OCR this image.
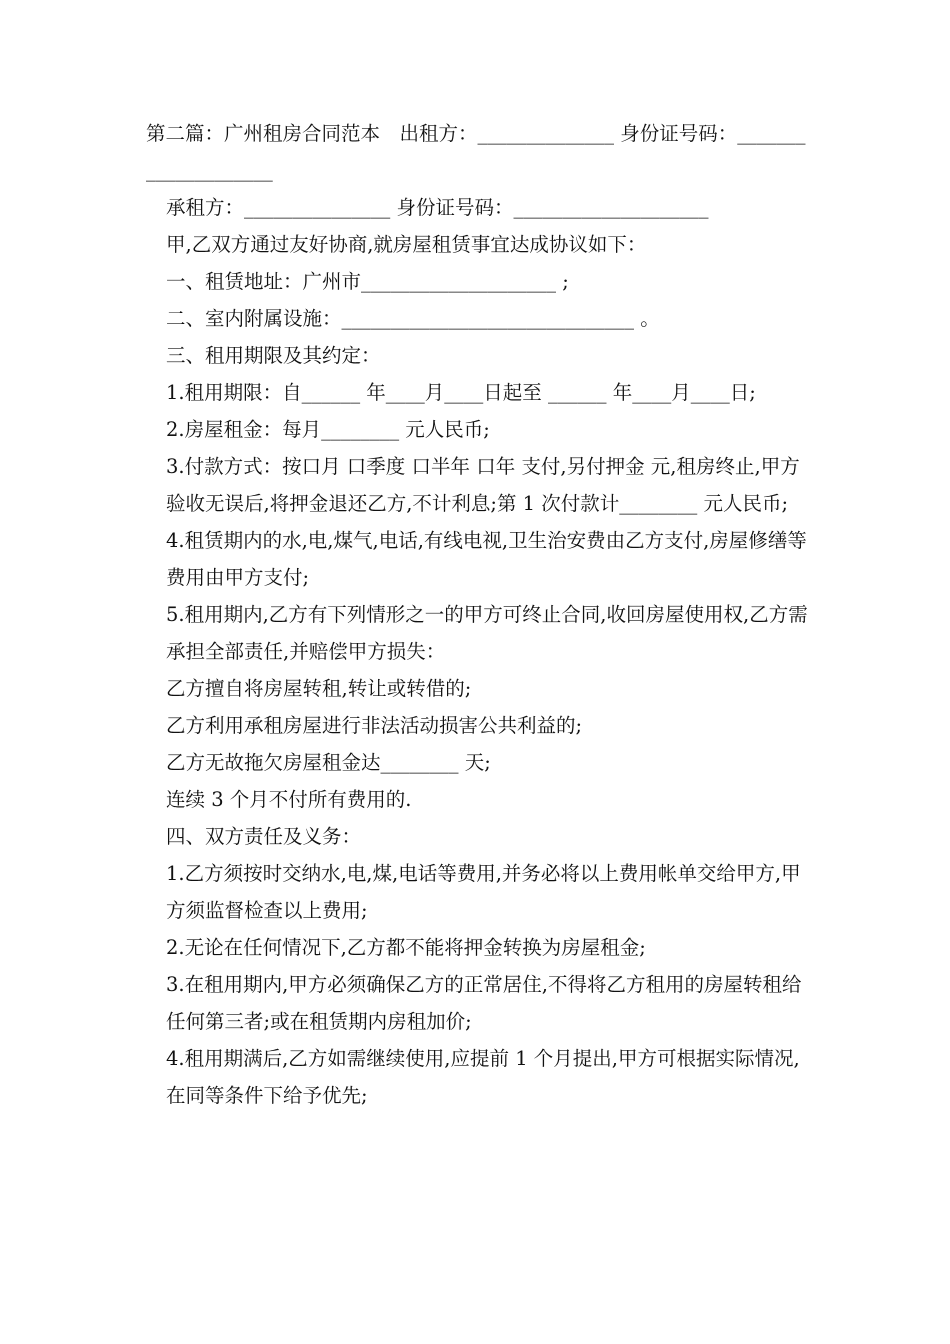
第二篇：广州租房合同范本　出租方：______________ 身份证号码：____________________

承租方：_______________ 身份证号码：____________________

甲,乙双方通过友好协商,就房屋租赁事宜达成协议如下：

一、租赁地址：广州市____________________ ;

二、室内附属设施：______________________________ 。

三、租用期限及其约定：

1.租用期限：自______ 年____月____日起至 ______ 年____月____日;

2.房屋租金：每月________ 元人民币;

3.付款方式：按口月 口季度 口半年 口年 支付,另付押金 元,租房终止,甲方验收无误后,将押金退还乙方,不计利息;第 1 次付款计________ 元人民币;

4.租赁期内的水,电,煤气,电话,有线电视,卫生治安费由乙方支付,房屋修缮等费用由甲方支付;

5.租用期内,乙方有下列情形之一的甲方可终止合同,收回房屋使用权,乙方需承担全部责任,并赔偿甲方损失：

乙方擅自将房屋转租,转让或转借的;

乙方利用承租房屋进行非法活动损害公共利益的;

乙方无故拖欠房屋租金达________ 天;

连续 3 个月不付所有费用的.

四、双方责任及义务：

1.乙方须按时交纳水,电,煤,电话等费用,并务必将以上费用帐单交给甲方,甲方须监督检查以上费用;

2.无论在任何情况下,乙方都不能将押金转换为房屋租金;

3.在租用期内,甲方必须确保乙方的正常居住,不得将乙方租用的房屋转租给任何第三者;或在租赁期内房租加价;

4.租用期满后,乙方如需继续使用,应提前 1 个月提出,甲方可根据实际情况,在同等条件下给予优先;
